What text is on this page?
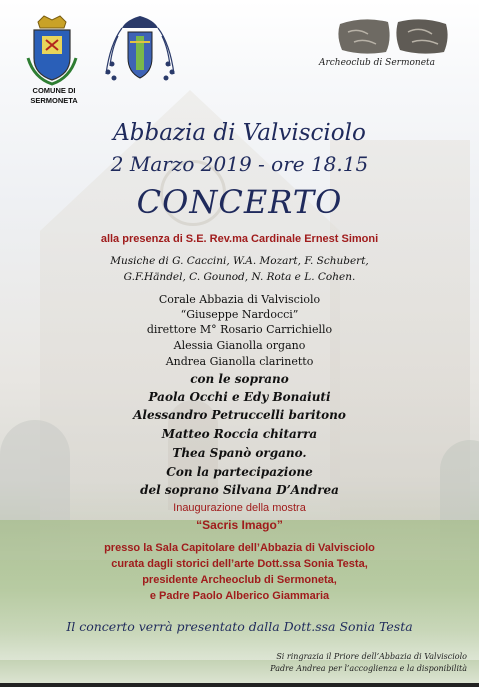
COMUNE DI
SERMONETA
Archeoclub di Sermoneta
Abbazia di Valvisciolo
2 Marzo 2019 - ore 18.15
CONCERTO
alla presenza di S.E. Rev.ma Cardinale Ernest Simoni
Musiche di G. Caccini, W.A. Mozart, F. Schubert,
G.F.Händel, C. Gounod, N. Rota e L. Cohen.
Corale Abbazia di Valvisciolo
“Giuseppe Nardocci”
direttore M° Rosario Carrichiello
Alessia Gianolla organo
Andrea Gianolla clarinetto
con le soprano
Paola Occhi e Edy Bonaiuti
Alessandro Petruccelli baritono
Matteo Roccia chitarra
Thea Spanò organo.
Con la partecipazione
del soprano Silvana D’Andrea
Inaugurazione della mostra
“Sacris Imago”
presso la Sala Capitolare dell’Abbazia di Valvisciolo
curata dagli storici dell’arte Dott.ssa Sonia Testa,
presidente Archeoclub di Sermoneta,
e Padre Paolo Alberico Giammaria
Il concerto verrà presentato dalla Dott.ssa Sonia Testa
Si ringrazia il Priore dell’Abbazia di Valvisciolo
Padre Andrea per l’accoglienza e la disponibilità
